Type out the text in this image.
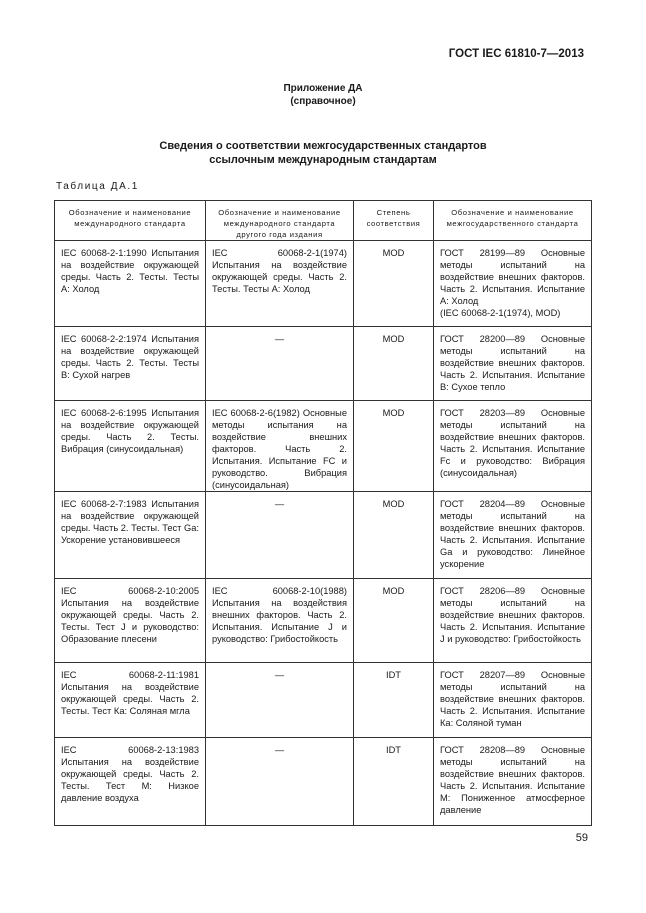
ГОСТ IEC 61810-7—2013
Приложение ДА
(справочное)
Сведения о соответствии межгосударственных стандартов
ссылочным международным стандартам
Таблица ДА.1
Обозначение и наименование международного стандарта	Обозначение и наименование международного стандарта другого года издания	Степень соответствия	Обозначение и наименование межгосударственного стандарта
IEC 60068-2-1:1990 Испытания на воздействие окружающей среды. Часть 2. Тесты. Тесты А: Холод	IEC 60068-2-1(1974) Испытания на воздействие окружающей среды. Часть 2. Тесты. Тесты А: Холод	MOD	ГОСТ 28199—89 Основные методы испытаний на воздействие внешних факторов. Часть 2. Испытания. Испытание А: Холод
(IEC 60068-2-1(1974), MOD)

IEC 60068-2-2:1974 Испытания на воздействие окружающей среды. Часть 2. Тесты. Тесты В: Сухой нагрев	—	MOD	ГОСТ 28200—89 Основные методы испытаний на воздействие внешних факторов. Часть 2. Испытания. Испытание В: Сухое тепло
IEC 60068-2-6:1995 Испытания на воздействие окружающей среды. Часть 2. Тесты. Вибрация (синусоидальная)	IEC 60068-2-6(1982) Основные методы испытания на воздействие внешних факторов. Часть 2. Испытания. Испытание FC и руководство. Вибрация (синусоидальная)	MOD	ГОСТ 28203—89 Основные методы испытаний на воздействие внешних факторов. Часть 2. Испытания. Испытание Fc и руководство: Вибрация (синусоидальная)
IEC 60068-2-7:1983 Испытания на воздействие окружающей среды. Часть 2. Тесты. Тест Ga: Ускорение установившееся	—	MOD	ГОСТ 28204—89 Основные методы испытаний на воздействие внешних факторов. Часть 2. Испытания. Испытание Ga и руководство: Линейное ускорение
IEC 60068-2-10:2005 Испытания на воздействие окружающей среды. Часть 2. Тесты. Тест J и руководство: Образование плесени	IEC 60068-2-10(1988) Испытания на воздействия внешних факторов. Часть 2. Испытания. Испытание J и руководство: Грибостойкость	MOD	ГОСТ 28206—89 Основные методы испытаний на воздействие внешних факторов. Часть 2. Испытания. Испытание J и руководство: Грибостойкость
IEC 60068-2-11:1981 Испытания на воздействие окружающей среды. Часть 2. Тесты. Тест Ка: Соляная мгла	—	IDT	ГОСТ 28207—89 Основные методы испытаний на воздействие внешних факторов. Часть 2. Испытания. Испытание Ка: Соляной туман
IEC 60068-2-13:1983 Испытания на воздействие окружающей среды. Часть 2. Тесты. Тест М: Низкое давление воздуха	—	IDT	ГОСТ 28208—89 Основные методы испытаний на воздействие внешних факторов. Часть 2. Испытания. Испытание М: Пониженное атмосферное давление
59
